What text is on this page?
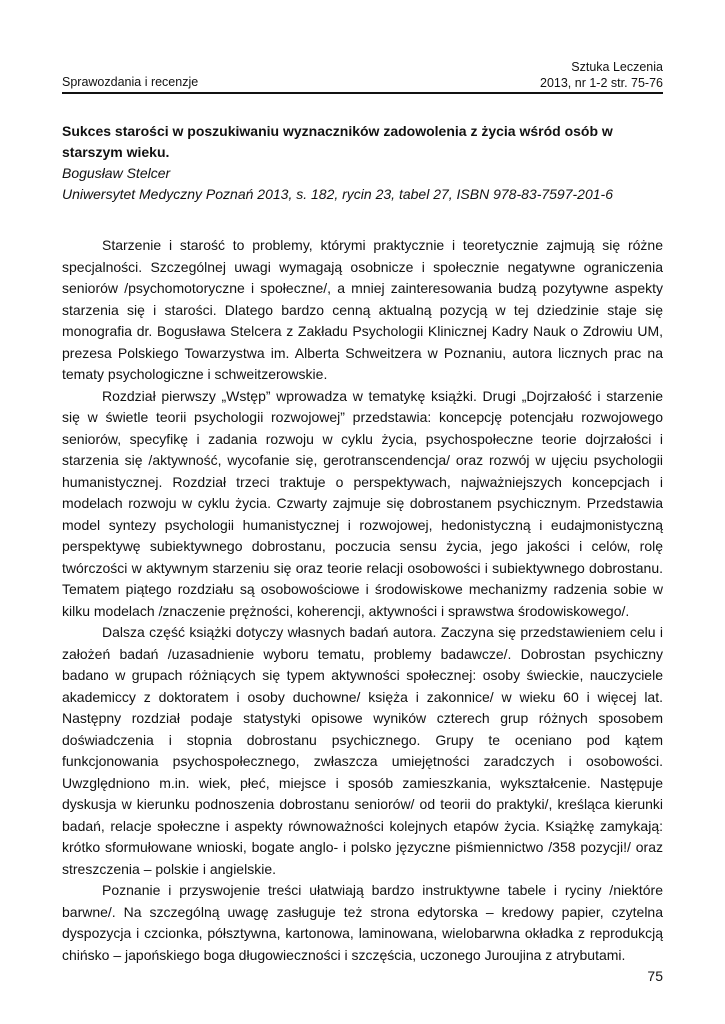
Sprawozdania i recenzje
Sztuka Leczenia
2013, nr 1-2 str. 75-76

Sukces starości w poszukiwaniu wyznaczników zadowolenia z życia wśród osób w starszym wieku.

Bogusław Stelcer

Uniwersytet Medyczny Poznań 2013, s. 182, rycin 23, tabel 27, ISBN 978-83-7597-201-6

Starzenie i starość to problemy, którymi praktycznie i teoretycznie zajmują się różne specjalności. Szczególnej uwagi wymagają osobnicze i społecznie negatywne ograniczenia seniorów /psychomotoryczne i społeczne/, a mniej zainteresowania budzą pozytywne aspekty starzenia się i starości. Dlatego bardzo cenną aktualną pozycją w tej dziedzinie staje się monografia dr. Bogusława Stelcera z Zakładu Psychologii Klinicznej Kadry Nauk o Zdrowiu UM, prezesa Polskiego Towarzystwa im. Alberta Schweitzera w Poznaniu, autora licznych prac na tematy psychologiczne i schweitzerowskie.

Rozdział pierwszy „Wstęp” wprowadza w tematykę książki. Drugi „Dojrzałość i starzenie się w świetle teorii psychologii rozwojowej” przedstawia: koncepcję potencjału rozwojowego seniorów, specyfikę i zadania rozwoju w cyklu życia, psychospołeczne teorie dojrzałości i starzenia się /aktywność, wycofanie się, gerotranscendencja/ oraz rozwój w ujęciu psychologii humanistycznej. Rozdział trzeci traktuje o perspektywach, najważniejszych koncepcjach i modelach rozwoju w cyklu życia. Czwarty zajmuje się dobrostanem psychicznym. Przedstawia model syntezy psychologii humanistycznej i rozwojowej, hedonistyczną i eudajmonistyczną perspektywę subiektywnego dobrostanu, poczucia sensu życia, jego jakości i celów, rolę twórczości w aktywnym starzeniu się oraz teorie relacji osobowości i subiektywnego dobrostanu. Tematem piątego rozdziału są osobowościowe i środowiskowe mechanizmy radzenia sobie w kilku modelach /znaczenie prężności, koherencji, aktywności i sprawstwa środowiskowego/.

Dalsza część książki dotyczy własnych badań autora. Zaczyna się przedstawieniem celu i założeń badań /uzasadnienie wyboru tematu, problemy badawcze/. Dobrostan psychiczny badano w grupach różniących się typem aktywności społecznej: osoby świeckie, nauczyciele akademiccy z doktoratem i osoby duchowne/ księża i zakonnice/ w wieku 60 i więcej lat. Następny rozdział podaje statystyki opisowe wyników czterech grup różnych sposobem doświadczenia i stopnia dobrostanu psychicznego. Grupy te oceniano pod kątem funkcjonowania psychospołecznego, zwłaszcza umiejętności zaradczych i osobowości. Uwzględniono m.in. wiek, płeć, miejsce i sposób zamieszkania, wykształcenie. Następuje dyskusja w kierunku podnoszenia dobrostanu seniorów/ od teorii do praktyki/, kreśląca kierunki badań, relacje społeczne i aspekty równoważności kolejnych etapów życia. Książkę zamykają: krótko sformułowane wnioski, bogate anglo- i polsko języczne piśmiennictwo /358 pozycji!/ oraz streszczenia – polskie i angielskie.

Poznanie i przyswojenie treści ułatwiają bardzo instruktywne tabele i ryciny /niektóre barwne/. Na szczególną uwagę zasługuje też strona edytorska – kredowy papier, czytelna dyspozycja i czcionka, półsztywna, kartonowa, laminowana, wielobarwna okładka z reprodukcją chińsko – japońskiego boga długowieczności i szczęścia, uczonego Juroujina z atrybutami.

75
